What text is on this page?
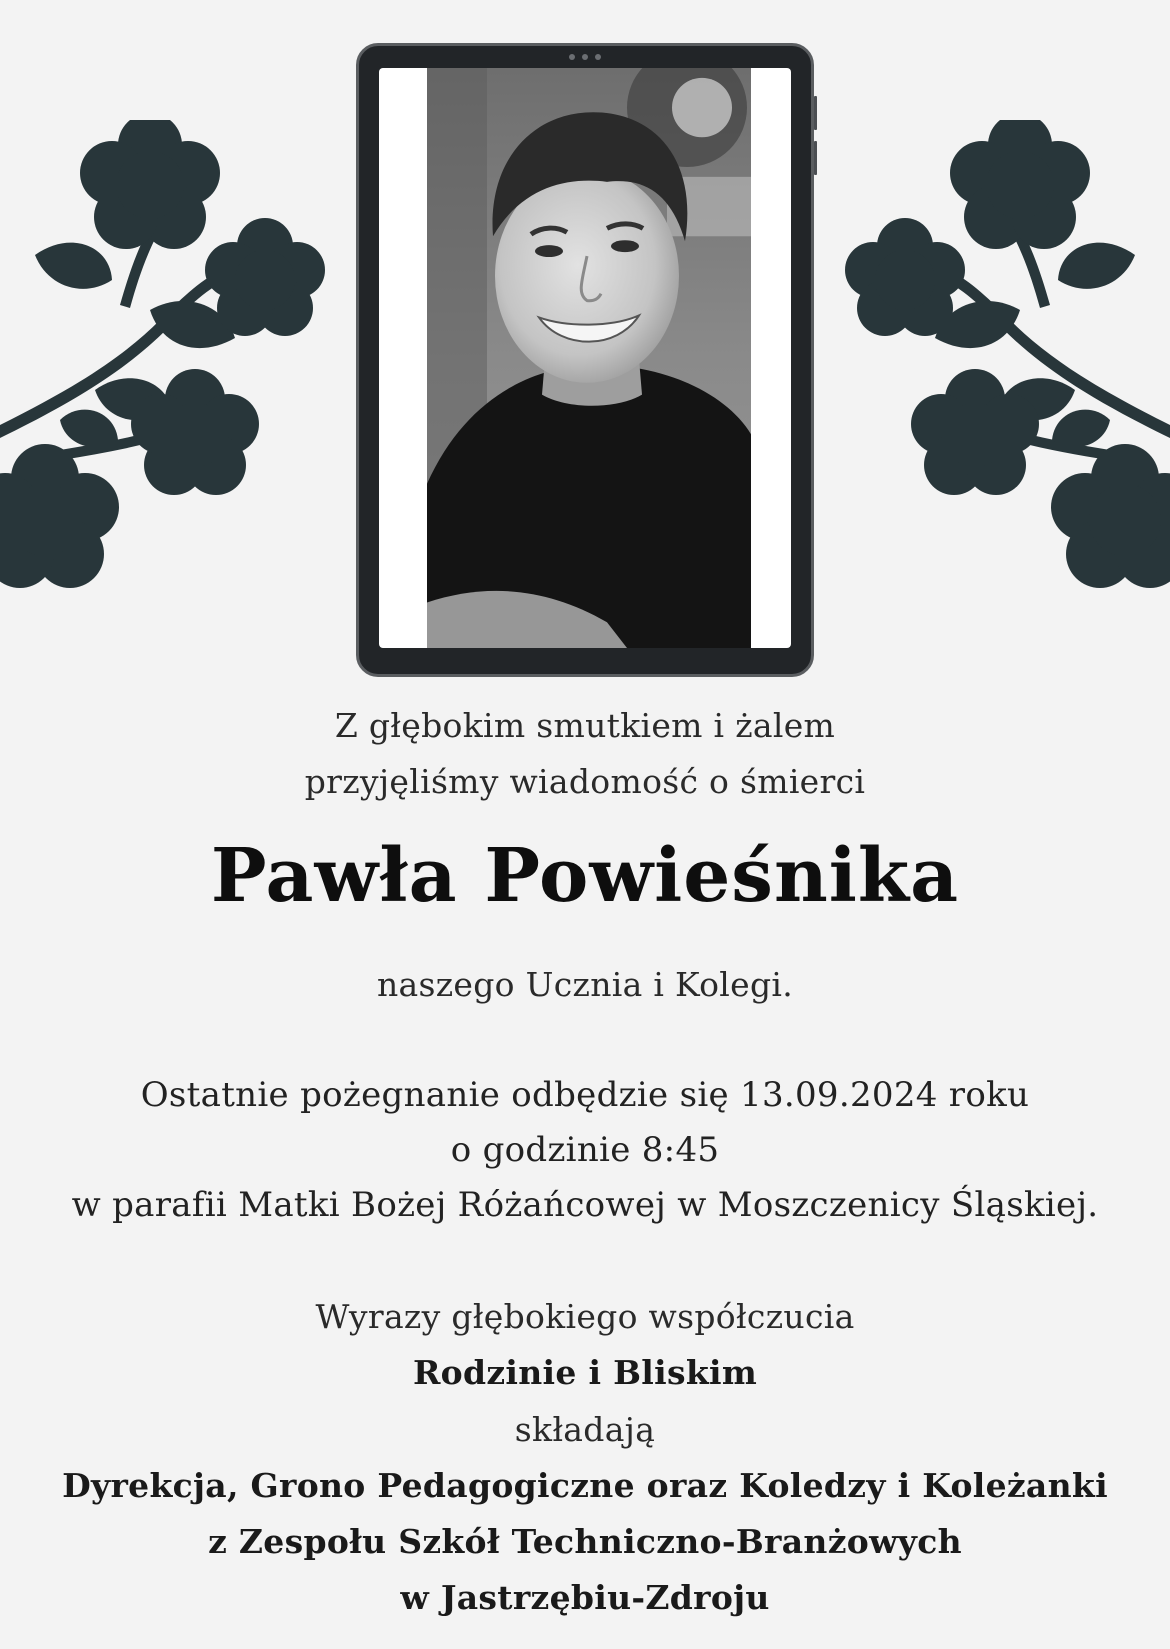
Z głębokim smutkiem i żalem

przyjęliśmy wiadomość o śmierci

Pawła Powieśnika

naszego Ucznia i Kolegi.

Ostatnie pożegnanie odbędzie się 13.09.2024 roku

o godzinie 8:45

w parafii Matki Bożej Różańcowej w Moszczenicy Śląskiej.

Wyrazy głębokiego współczucia

Rodzinie i Bliskim

składają

Dyrekcja, Grono Pedagogiczne oraz Koledzy i Koleżanki

z Zespołu Szkół Techniczno-Branżowych

w Jastrzębiu-Zdroju
